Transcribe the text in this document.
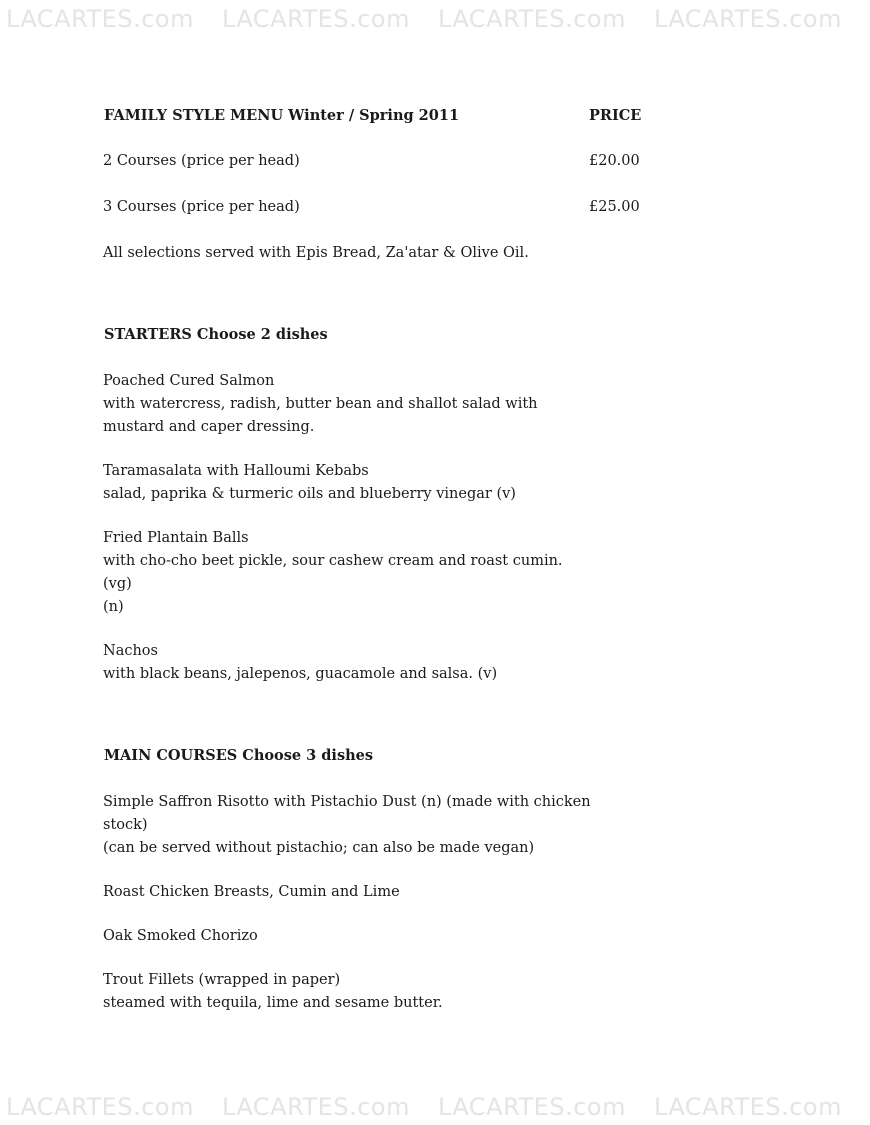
LACARTES.com LACARTES.com LACARTES.com LACARTES.com
FAMILY STYLE MENU Winter / Spring 2011	PRICE
2 Courses (price per head)	£20.00
3 Courses (price per head)	£25.00
All selections served with Epis Bread, Za'atar & Olive Oil.
STARTERS Choose 2 dishes
Poached Cured Salmon
with watercress, radish, butter bean and shallot salad with
mustard and caper dressing.
Taramasalata with Halloumi Kebabs
salad, paprika & turmeric oils and blueberry vinegar (v)
Fried Plantain Balls
with cho-cho beet pickle, sour cashew cream and roast cumin. (vg)
(n)
Nachos
with black beans, jalepenos, guacamole and salsa. (v)
MAIN COURSES Choose 3 dishes
Simple Saffron Risotto with Pistachio Dust (n) (made with chicken
stock)
(can be served without pistachio; can also be made vegan)
Roast Chicken Breasts, Cumin and Lime
Oak Smoked Chorizo
Trout Fillets (wrapped in paper)
steamed with tequila, lime and sesame butter.
LACARTES.com LACARTES.com LACARTES.com LACARTES.com
